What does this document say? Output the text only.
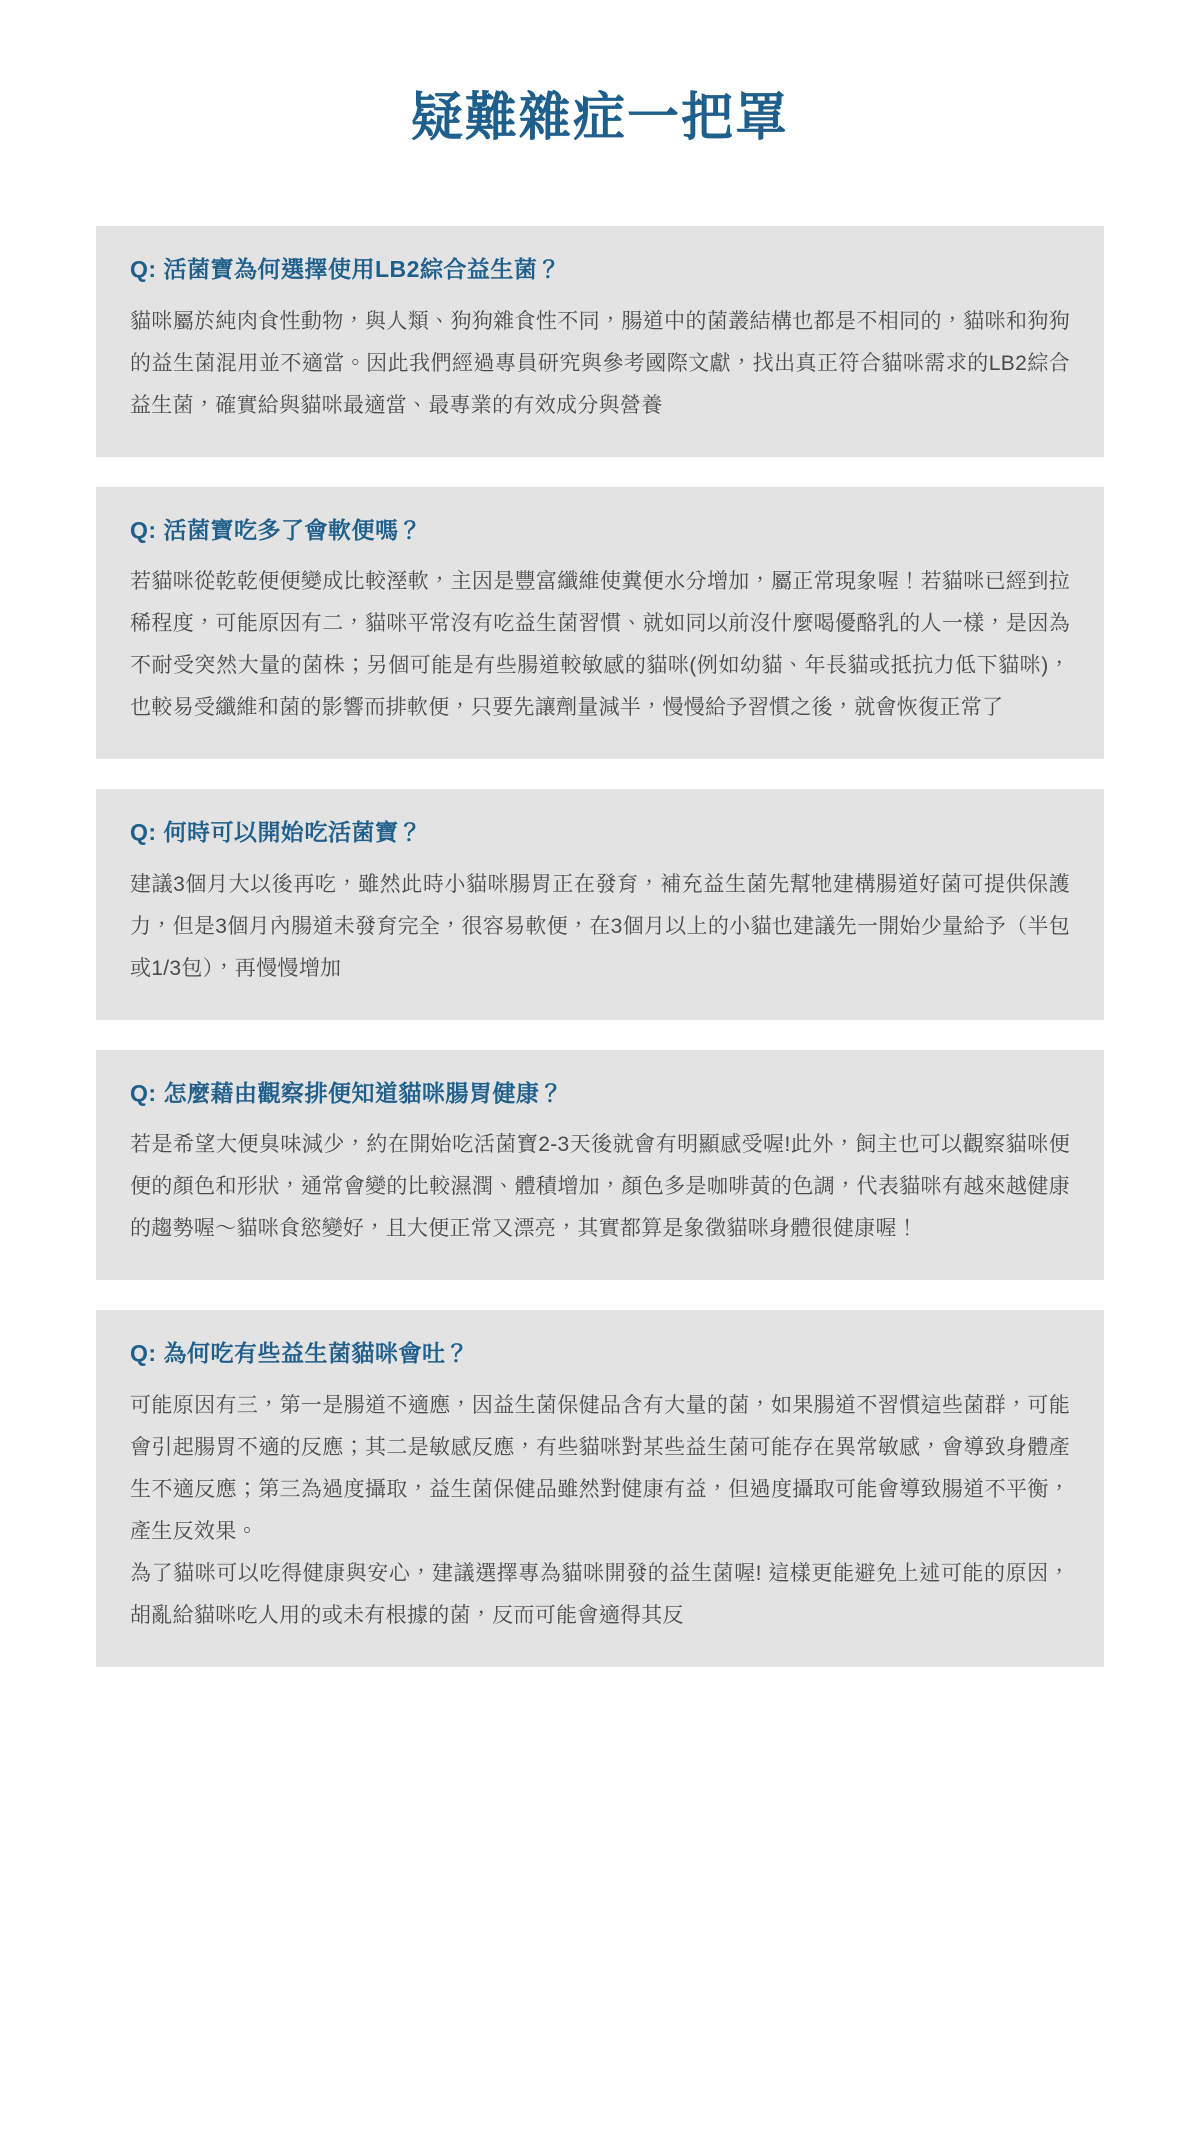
疑難雜症一把罩
Q: 活菌寶為何選擇使用LB2綜合益生菌？

貓咪屬於純肉食性動物，與人類、狗狗雜食性不同，腸道中的菌叢結構也都是不相同的，貓咪和狗狗的益生菌混用並不適當。因此我們經過專員研究與參考國際文獻，找出真正符合貓咪需求的LB2綜合益生菌，確實給與貓咪最適當、最專業的有效成分與營養

Q: 活菌寶吃多了會軟便嗎？

若貓咪從乾乾便便變成比較溼軟，主因是豐富纖維使糞便水分增加，屬正常現象喔！若貓咪已經到拉稀程度，可能原因有二，貓咪平常沒有吃益生菌習慣、就如同以前沒什麼喝優酪乳的人一樣，是因為不耐受突然大量的菌株；另個可能是有些腸道較敏感的貓咪(例如幼貓、年長貓或抵抗力低下貓咪)，也較易受纖維和菌的影響而排軟便，只要先讓劑量減半，慢慢給予習慣之後，就會恢復正常了

Q: 何時可以開始吃活菌寶？

建議3個月大以後再吃，雖然此時小貓咪腸胃正在發育，補充益生菌先幫牠建構腸道好菌可提供保護力，但是3個月內腸道未發育完全，很容易軟便，在3個月以上的小貓也建議先一開始少量給予（半包或1/3包），再慢慢增加

Q: 怎麼藉由觀察排便知道貓咪腸胃健康？

若是希望大便臭味減少，約在開始吃活菌寶2-3天後就會有明顯感受喔!此外，飼主也可以觀察貓咪便便的顏色和形狀，通常會變的比較濕潤、體積增加，顏色多是咖啡黃的色調，代表貓咪有越來越健康的趨勢喔～貓咪食慾變好，且大便正常又漂亮，其實都算是象徵貓咪身體很健康喔！

Q: 為何吃有些益生菌貓咪會吐？

可能原因有三，第一是腸道不適應，因益生菌保健品含有大量的菌，如果腸道不習慣這些菌群，可能會引起腸胃不適的反應；其二是敏感反應，有些貓咪對某些益生菌可能存在異常敏感，會導致身體產生不適反應；第三為過度攝取，益生菌保健品雖然對健康有益，但過度攝取可能會導致腸道不平衡，產生反效果。

為了貓咪可以吃得健康與安心，建議選擇專為貓咪開發的益生菌喔! 這樣更能避免上述可能的原因，胡亂給貓咪吃人用的或未有根據的菌，反而可能會適得其反
